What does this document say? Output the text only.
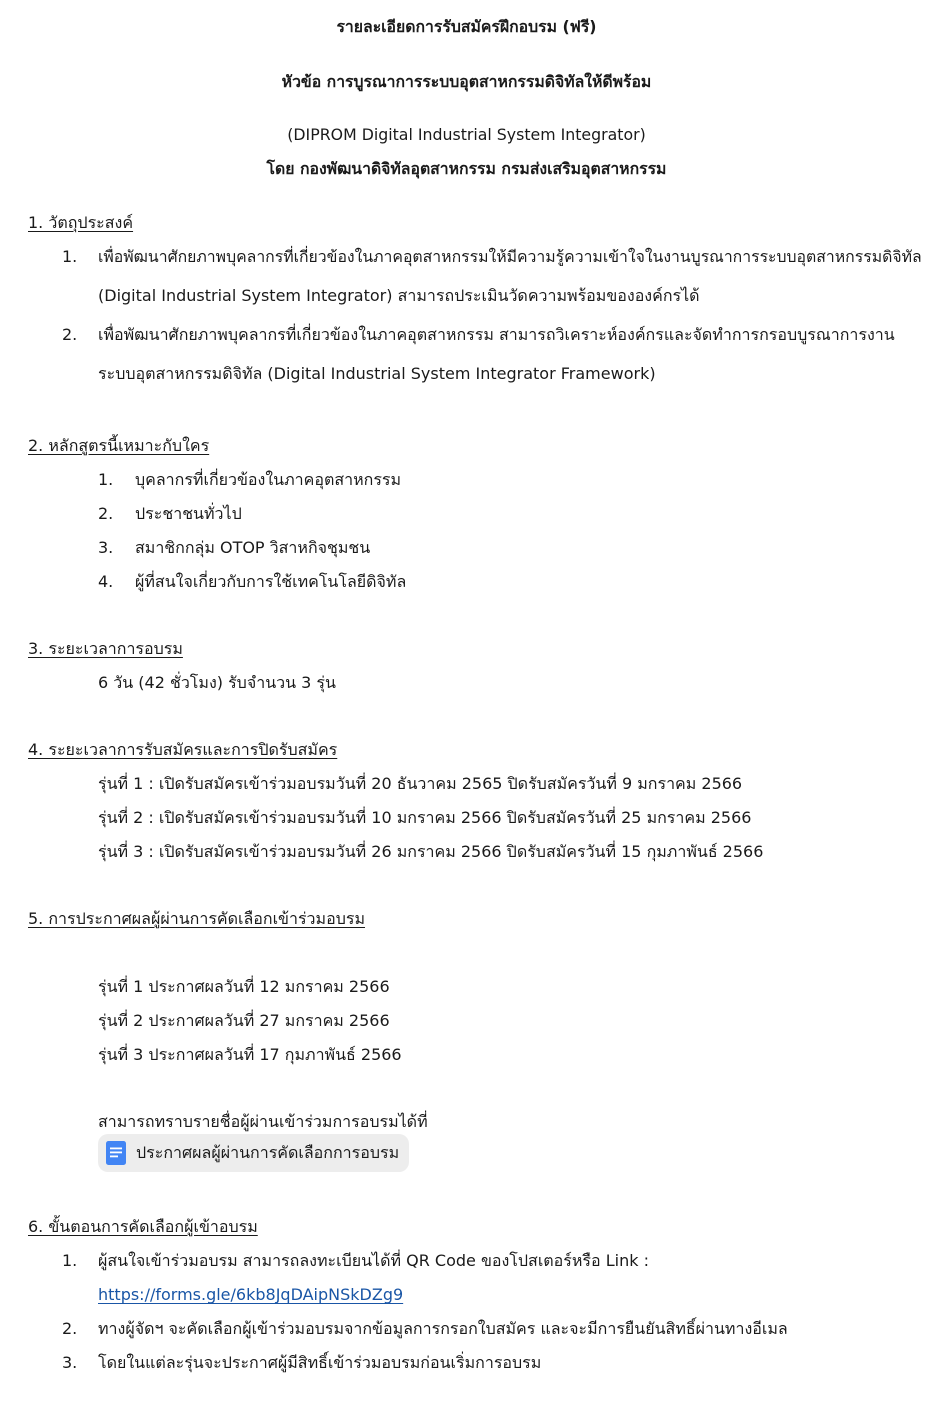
รายละเอียดการรับสมัครฝึกอบรม (ฟรี)
หัวข้อ การบูรณาการระบบอุตสาหกรรมดิจิทัลให้ดีพร้อม
(DIPROM Digital Industrial System Integrator)
โดย กองพัฒนาดิจิทัลอุตสาหกรรม กรมส่งเสริมอุตสาหกรรม
1. วัตถุประสงค์
1. เพื่อพัฒนาศักยภาพบุคลากรที่เกี่ยวข้องในภาคอุตสาหกรรมให้มีความรู้ความเข้าใจในงานบูรณาการระบบอุตสาหกรรมดิจิทัล
(Digital Industrial System Integrator) สามารถประเมินวัดความพร้อมขององค์กรได้
2. เพื่อพัฒนาศักยภาพบุคลากรที่เกี่ยวข้องในภาคอุตสาหกรรม สามารถวิเคราะห์องค์กรและจัดทำการกรอบบูรณาการงาน
ระบบอุตสาหกรรมดิจิทัล (Digital Industrial System Integrator Framework)
2. หลักสูตรนี้เหมาะกับใคร
1. บุคลากรที่เกี่ยวข้องในภาคอุตสาหกรรม
2. ประชาชนทั่วไป
3. สมาชิกกลุ่ม OTOP วิสาหกิจชุมชน
4. ผู้ที่สนใจเกี่ยวกับการใช้เทคโนโลยีดิจิทัล
3. ระยะเวลาการอบรม
6 วัน (42 ชั่วโมง) รับจำนวน 3 รุ่น
4. ระยะเวลาการรับสมัครและการปิดรับสมัคร
รุ่นที่ 1 : เปิดรับสมัครเข้าร่วมอบรมวันที่ 20 ธันวาคม 2565 ปิดรับสมัครวันที่ 9 มกราคม 2566
รุ่นที่ 2 : เปิดรับสมัครเข้าร่วมอบรมวันที่ 10 มกราคม 2566 ปิดรับสมัครวันที่ 25 มกราคม 2566
รุ่นที่ 3 : เปิดรับสมัครเข้าร่วมอบรมวันที่ 26 มกราคม 2566 ปิดรับสมัครวันที่ 15 กุมภาพันธ์ 2566
5. การประกาศผลผู้ผ่านการคัดเลือกเข้าร่วมอบรม
รุ่นที่ 1 ประกาศผลวันที่ 12 มกราคม 2566
รุ่นที่ 2 ประกาศผลวันที่ 27 มกราคม 2566
รุ่นที่ 3 ประกาศผลวันที่ 17 กุมภาพันธ์ 2566
สามารถทราบรายชื่อผู้ผ่านเข้าร่วมการอบรมได้ที่
ประกาศผลผู้ผ่านการคัดเลือกการอบรม
6. ขั้นตอนการคัดเลือกผู้เข้าอบรม
1. ผู้สนใจเข้าร่วมอบรม สามารถลงทะเบียนได้ที่ QR Code ของโปสเตอร์หรือ Link :
https://forms.gle/6kb8JqDAipNSkDZg9
2. ทางผู้จัดฯ จะคัดเลือกผู้เข้าร่วมอบรมจากข้อมูลการกรอกใบสมัคร และจะมีการยืนยันสิทธิ์ผ่านทางอีเมล
3. โดยในแต่ละรุ่นจะประกาศผู้มีสิทธิ์เข้าร่วมอบรมก่อนเริ่มการอบรม
